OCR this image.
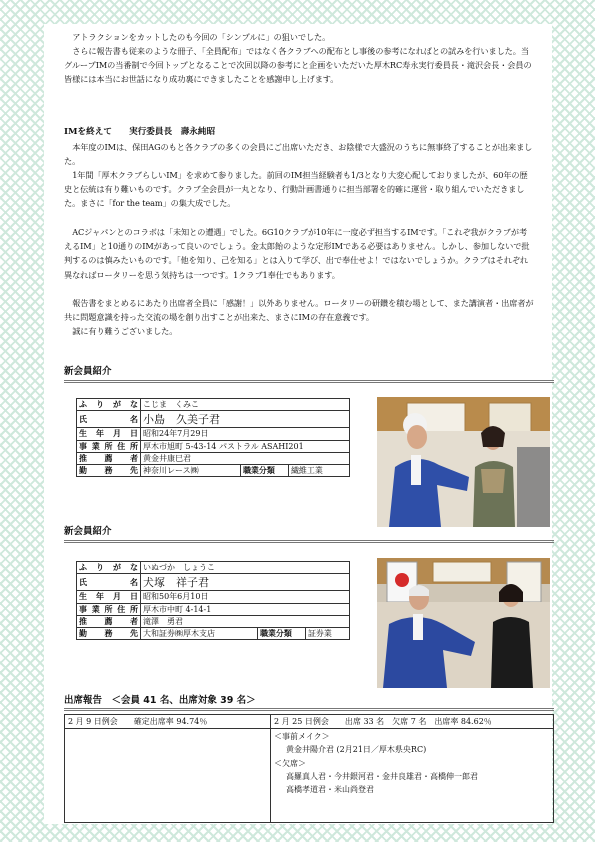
アトラクションをカットしたのも今回の「シンプルに」の狙いでした。

さらに報告書も従来のような冊子、「全員配布」ではなく各クラブへの配布とし事後の参考になればとの試みを行いました。当グループIMの当番制で今回トップとなることで次回以降の参考にと企画をいただいた厚木RC寿永実行委員長・滝沢会長・会員の皆様には本当にお世話になり成功裏にできましたことを感謝申し上げます。

IMを終えて　　実行委員長　壽永純昭

本年度のIMは、保田AGのもと各クラブの多くの会員にご出席いただき、お陰様で大盛況のうちに無事終了することが出来ました。

1年間「厚木クラブらしいIM」を求めて参りました。前回のIM担当経験者も1/3となり大変心配しておりましたが、60年の歴史と伝統は有り難いものです。クラブ全会員が一丸となり、行動計画書通りに担当部署を的確に運営・取り組んでいただきました。まさに「for the team」の集大成でした。

ACジャパンとのコラボは「未知との遭遇」でした。6G10クラブが10年に一度必ず担当するIMです。「これぞ我がクラブが考えるIM」と10通りのIMがあって良いのでしょう。金太郎飴のような定形IMである必要はありません。しかし、参加しないで批判するのは慎みたいものです。「他を知り、己を知る」とは入りて学び、出で奉仕せよ！ではないでしょうか。クラブはそれぞれ異なればロータリーを思う気持ちは一つです。1クラブ1奉仕でもあります。

報告書をまとめるにあたり出席者全員に「感謝！」以外ありません。ロータリーの研鑽を積む場として、また講演者・出席者が共に問題意識を持った交流の場を創り出すことが出来た、まさにIMの存在意義です。

誠に有り難うございました。

新会員紹介
ふりがな	こじま　くみこ		
氏名	小島　久美子君		
生年月日	昭和24年7月29日		
事業所住所	厚木市旭町 5-43-14 パストラル ASAHI201		
推薦者	黄金井康巳君		
勤務先	神奈川レース㈱	職業分類	繊維工業
新会員紹介
ふりがな	いぬづか　しょうこ		
氏名	犬塚　祥子君		
生年月日	昭和50年6月10日		
事業所住所	厚木市中町 4-14-1		
推薦者	滝澤　勇君		
勤務先	大和証券㈱厚木支店	職業分類	証券業
出席報告　＜会員 41 名、出席対象 39 名＞
2 月 9 日例会　　確定出席率 94.74％	2 月 25 日例会　　出席 33 名　欠席 7 名　出席率 84.62％

	＜事前メイク＞
黄金井陽介君 (2月21日／厚木県央RC)
＜欠席＞
高羅真人君・今井銀河君・金井良雄君・高橋伸一郎君
高橋孝道君・米山尚登君
